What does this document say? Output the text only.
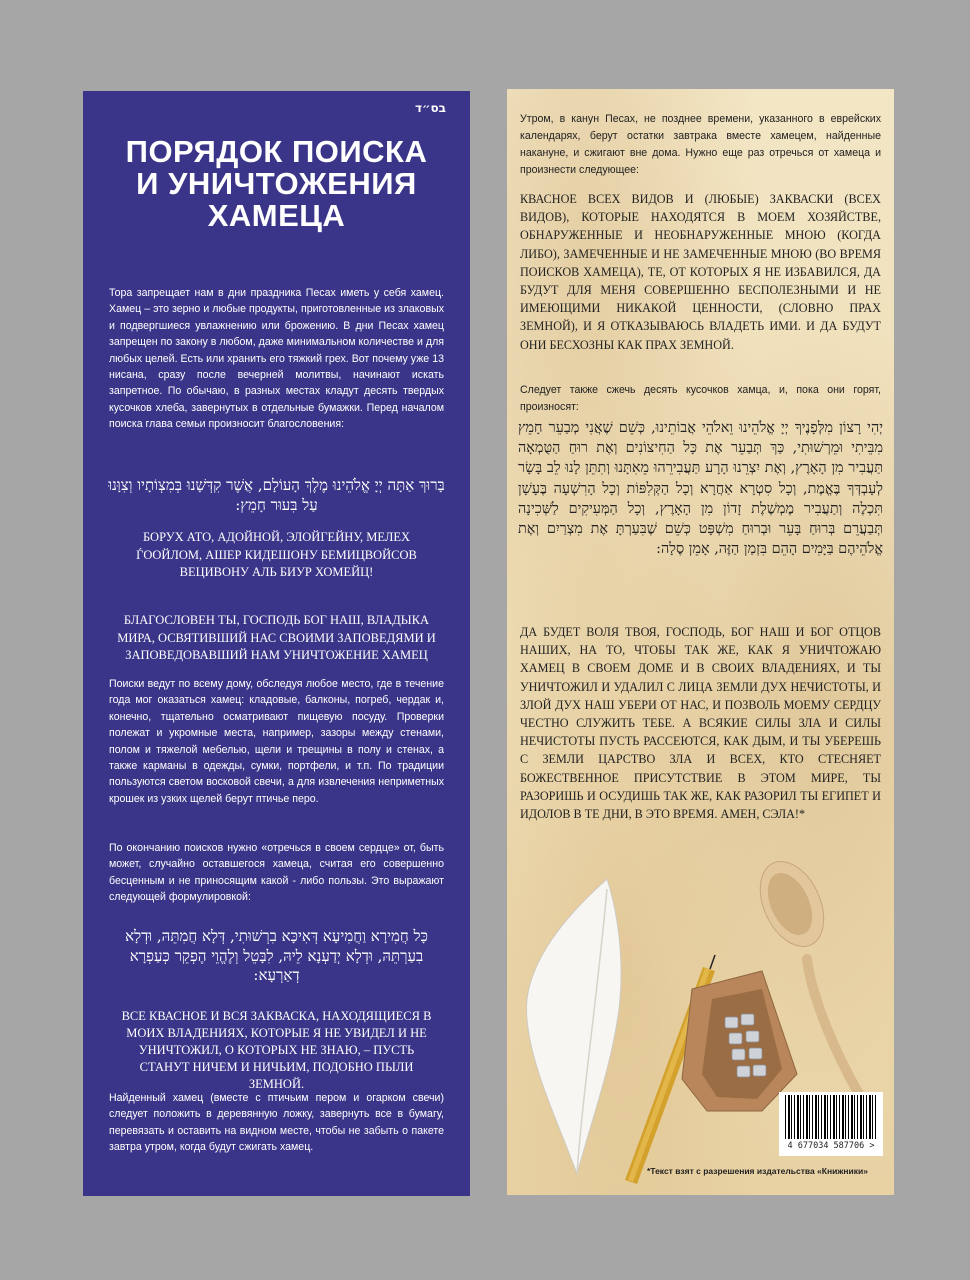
בס״ד
ПОРЯДОК ПОИСКА
И УНИЧТОЖЕНИЯ
ХАМЕЦА

Тора запрещает нам в дни праздника Песах иметь у себя хамец. Хамец – это зерно и любые продукты, приготовленные из злаковых и подвергшиеся увлажнению или брожению. В дни Песах хамец запрещен по закону в любом, даже минимальном количестве и для любых целей. Есть или хранить его тяжкий грех. Вот почему уже 13 нисана, сразу после вечерней молитвы, начинают искать запретное. По обычаю, в разных местах кладут десять твердых кусочков хлеба, завернутых в отдельные бумажки. Перед началом поиска глава семьи произносит благословения:

בָּרוּךְ אַתָּה יְיָ אֱלֹהֵינוּ מֶלֶךְ הָעוֹלָם, אֲשֶׁר קִדְּשָׁנוּ בְּמִצְוֹתָיו וְצִוָּנוּ עַל בִּעוּר חָמֵץ:

БОРУХ АТО, АДОЙНОЙ, ЭЛОЙГЕЙНУ, МЕЛЕХ ЃООЙЛОМ, АШЕР КИДЕШОНУ БЕМИЦВОЙСОВ ВЕЦИВОНУ АЛЬ БИУР ХОМЕЙЦ!

БЛАГОСЛОВЕН ТЫ, ГОСПОДЬ БОГ НАШ, ВЛАДЫКА МИРА, ОСВЯТИВШИЙ НАС СВОИМИ ЗАПОВЕДЯМИ И ЗАПОВЕДОВАВШИЙ НАМ УНИЧТОЖЕНИЕ ХАМЕЦ

Поиски ведут по всему дому, обследуя любое место, где в течение года мог оказаться хамец: кладовые, балконы, погреб, чердак и, конечно, тщательно осматривают пищевую посуду. Проверки полежат и укромные места, например, зазоры между стенами, полом и тяжелой мебелью, щели и трещины в полу и стенах, а также карманы в одежды, сумки, портфели, и т.п. По традиции пользуются светом восковой свечи, а для извлечения неприметных крошек из узких щелей берут птичье перо.

По окончанию поисков нужно «отречься в своем сердце» от, быть может, случайно оставшегося хамеца, считая его совершенно бесценным и не приносящим какой - либо пользы. Это выражают следующей формулировкой:

כָּל חֲמִירָא וַחֲמִיעָא דְּאִיכָּא בִרְשׁוּתִי, דְּלָא חֲמִתֵּהּ, וּדְלָא בִעַרְתֵּהּ, וּדְלָא יְדַעְנָא לֵיהּ, לִבָּטֵל וְלֶהֱוֵי הֶפְקֵר כְּעַפְרָא דְאַרְעָא:

ВСЕ КВАСНОЕ И ВСЯ ЗАКВАСКА, НАХОДЯЩИЕСЯ В МОИХ ВЛАДЕНИЯХ, КОТОРЫЕ Я НЕ УВИДЕЛ И НЕ УНИЧТОЖИЛ, О КОТОРЫХ НЕ ЗНАЮ, – ПУСТЬ СТАНУТ НИЧЕМ И НИЧЬИМ, ПОДОБНО ПЫЛИ ЗЕМНОЙ.

Найденный хамец (вместе с птичьим пером и огарком свечи) следует положить в деревянную ложку, завернуть все в бумагу, перевязать и оставить на видном месте, чтобы не забыть о пакете завтра утром, когда будут сжигать хамец.

Утром, в канун Песах, не позднее времени, указанного в еврейских календарях, берут остатки завтрака вместе хамецем, найденные накануне, и сжигают вне дома. Нужно еще раз отречься от хамеца и произнести следующее:

КВАСНОЕ ВСЕХ ВИДОВ И (ЛЮБЫЕ) ЗАКВАСКИ (ВСЕХ ВИДОВ), КОТОРЫЕ НАХОДЯТСЯ В МОЕМ ХОЗЯЙСТВЕ, ОБНАРУЖЕННЫЕ И НЕОБНАРУЖЕННЫЕ МНОЮ (КОГДА ЛИБО), ЗАМЕЧЕННЫЕ И НЕ ЗАМЕЧЕННЫЕ МНОЮ (ВО ВРЕМЯ ПОИСКОВ ХАМЕЦА), ТЕ, ОТ КОТОРЫХ Я НЕ ИЗБАВИЛСЯ, ДА БУДУТ ДЛЯ МЕНЯ СОВЕРШЕННО БЕСПОЛЕЗНЫМИ И НЕ ИМЕЮЩИМИ НИКАКОЙ ЦЕННОСТИ, (СЛОВНО ПРАХ ЗЕМНОЙ), И Я ОТКАЗЫВАЮСЬ ВЛАДЕТЬ ИМИ. И ДА БУДУТ ОНИ БЕСХОЗНЫ КАК ПРАХ ЗЕМНОЙ.

Следует также сжечь десять кусочков хамца, и, пока они горят, произносят:

יְהִי רָצוֹן מִלְּפָנֶיךָ יְיָ אֱלֹהֵינוּ וֵאלֹהֵי אֲבוֹתֵינוּ, כְּשֵׁם שֶׁאֲנִי מְבַעֵר חָמֵץ מִבֵּיתִי וּמֵרְשׁוּתִי, כַּךְ תְּבַעֵר אֶת כָּל הַחִיצוֹנִים וְאֶת רוּחַ הַטֻּמְאָה תַּעֲבִיר מִן הָאָרֶץ, וְאֶת יִצְרֵנוּ הָרָע תַּעֲבִירֵהוּ מֵאִתָּנוּ וְתִתֵּן לָנוּ לֵב בָּשָׂר לְעָבְדְּךָ בֶּאֱמֶת, וְכָל סִטְרָא אַחֲרָא וְכָל הַקְּלִפּוֹת וְכָל הָרִשְׁעָה בֶּעָשָׁן תִּכְלֶה וְתַעֲבִיר מֶמְשֶׁלֶת זָדוֹן מִן הָאָרֶץ, וְכָל הַמְּעִיקִים לַשְּׁכִינָה תְּבַעֲרֵם בְּרוּחַ בָּעֵר וּבְרוּחַ מִשְׁפָּט כְּשֵׁם שֶׁבִּעַרְתָּ אֶת מִצְרַיִם וְאֶת אֱלֹהֵיהֶם בַּיָּמִים הָהֵם בִּזְמַן הַזֶּה, אָמֵן סֶלָה:

ДА БУДЕТ ВОЛЯ ТВОЯ, ГОСПОДЬ, БОГ НАШ И БОГ ОТЦОВ НАШИХ, НА ТО, ЧТОБЫ ТАК ЖЕ, КАК Я УНИЧТОЖАЮ ХАМЕЦ В СВОЕМ ДОМЕ И В СВОИХ ВЛАДЕНИЯХ, И ТЫ УНИЧТОЖИЛ И УДАЛИЛ С ЛИЦА ЗЕМЛИ ДУХ НЕЧИСТОТЫ, И ЗЛОЙ ДУХ НАШ УБЕРИ ОТ НАС, И ПОЗВОЛЬ МОЕМУ СЕРДЦУ ЧЕСТНО СЛУЖИТЬ ТЕБЕ. А ВСЯКИЕ СИЛЫ ЗЛА И СИЛЫ НЕЧИСТОТЫ ПУСТЬ РАССЕЮТСЯ, КАК ДЫМ, И ТЫ УБЕРЕШЬ С ЗЕМЛИ ЦАРСТВО ЗЛА И ВСЕХ, КТО СТЕСНЯЕТ БОЖЕСТВЕННОЕ ПРИСУТСТВИЕ В ЭТОМ МИРЕ, ТЫ РАЗОРИШЬ И ОСУДИШЬ ТАК ЖЕ, КАК РАЗОРИЛ ТЫ ЕГИПЕТ И ИДОЛОВ В ТЕ ДНИ, В ЭТО ВРЕМЯ. АМЕН, СЭЛА!*

4 677034 587706 >
*Текст взят с разрешения издательства «Книжники»
